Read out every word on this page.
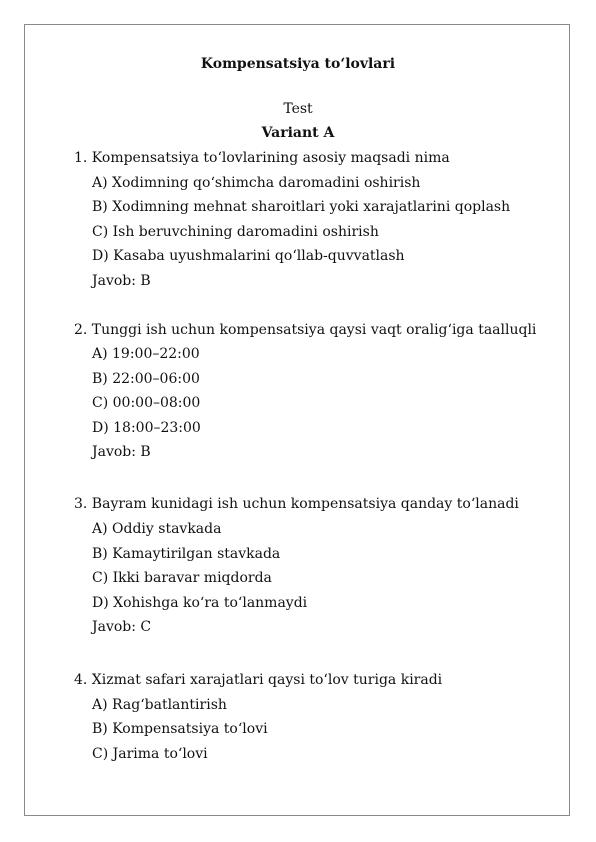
Kompensatsiya to‘lovlari
Test
Variant A
1. Kompensatsiya to‘lovlarining asosiy maqsadi nima
A) Xodimning qo‘shimcha daromadini oshirish
B) Xodimning mehnat sharoitlari yoki xarajatlarini qoplash
C) Ish beruvchining daromadini oshirish
D) Kasaba uyushmalarini qo‘llab-quvvatlash
Javob: B
2. Tunggi ish uchun kompensatsiya qaysi vaqt oralig‘iga taalluqli
A) 19:00–22:00
B) 22:00–06:00
C) 00:00–08:00
D) 18:00–23:00
Javob: B
3. Bayram kunidagi ish uchun kompensatsiya qanday to‘lanadi
A) Oddiy stavkada
B) Kamaytirilgan stavkada
C) Ikki baravar miqdorda
D) Xohishga ko‘ra to‘lanmaydi
Javob: C
4. Xizmat safari xarajatlari qaysi to‘lov turiga kiradi
A) Rag‘batlantirish
B) Kompensatsiya to‘lovi
C) Jarima to‘lovi
